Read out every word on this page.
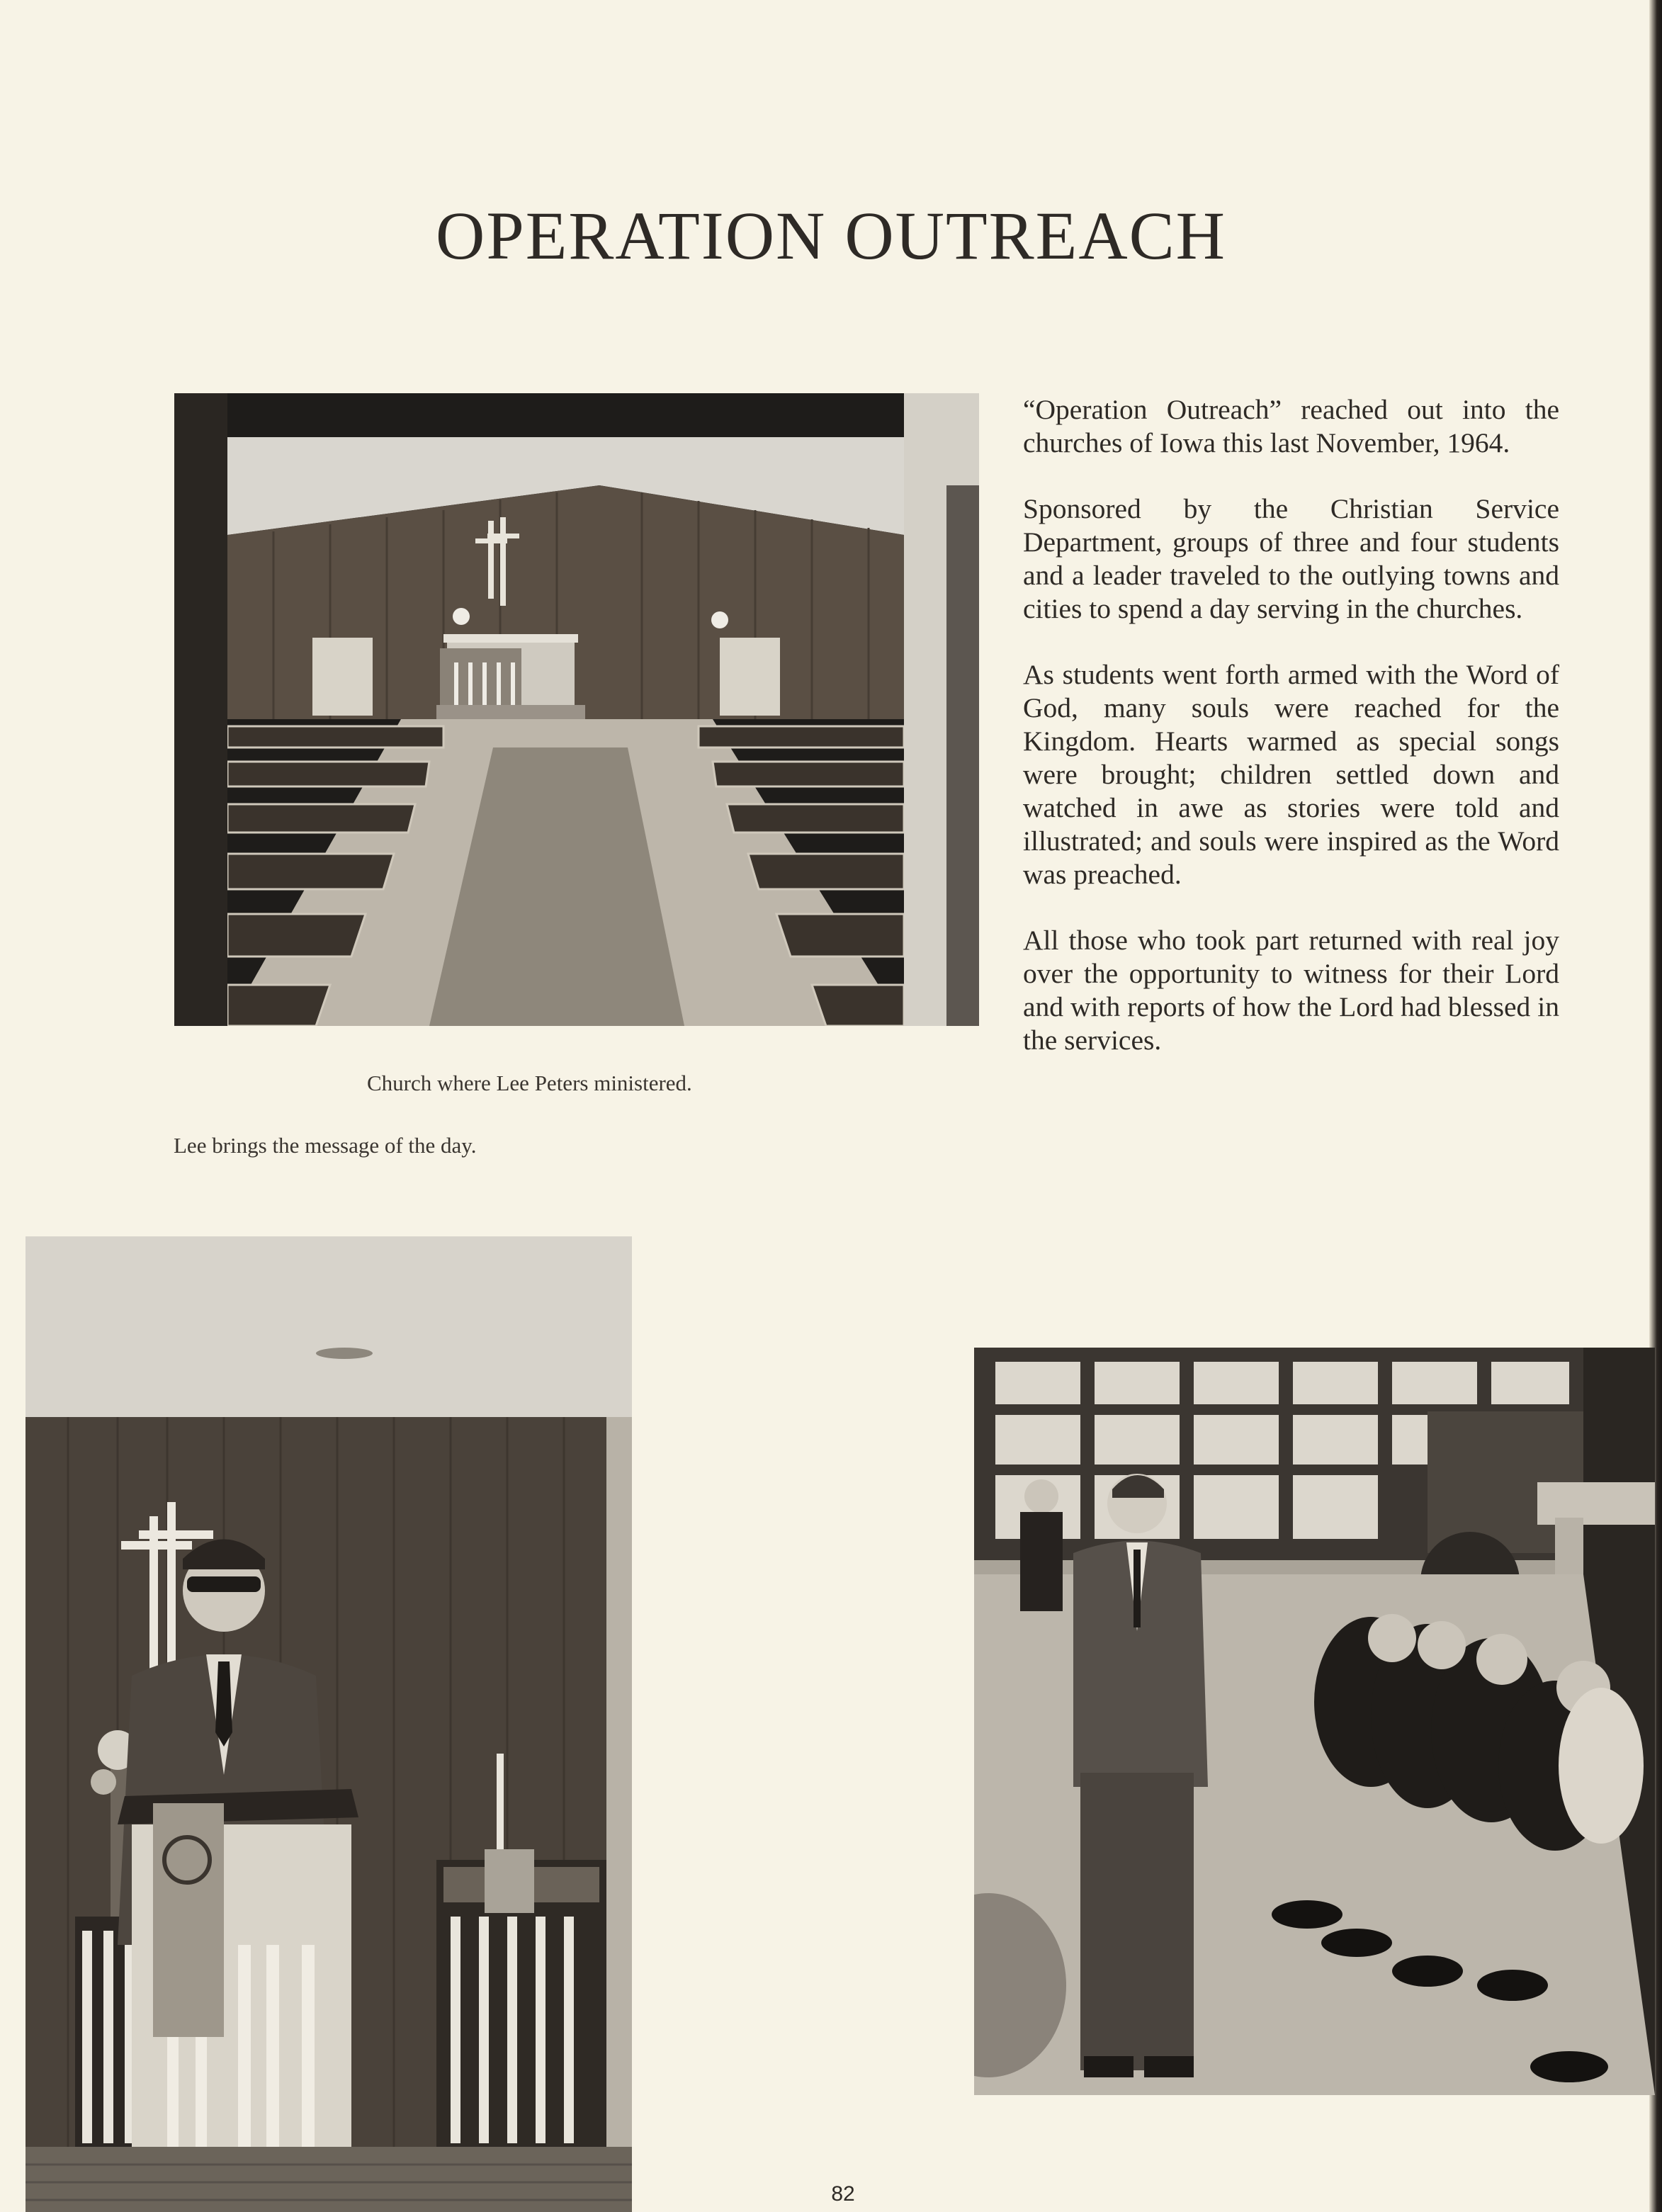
OPERATION OUTREACH

Church where Lee Peters ministered.

Lee brings the message of the day.

“Operation Outreach” reached out into the churches of Iowa this last November, 1964.

Sponsored by the Christian Service Department, groups of three and four students and a leader traveled to the outlying towns and cities to spend a day serving in the churches.

As students went forth armed with the Word of God, many souls were reached for the Kingdom. Hearts warmed as special songs were brought; children settled down and watched in awe as stories were told and illustrated; and souls were inspired as the Word was preached.

All those who took part returned with real joy over the opportunity to witness for their Lord and with reports of how the Lord had blessed in the services.

82
